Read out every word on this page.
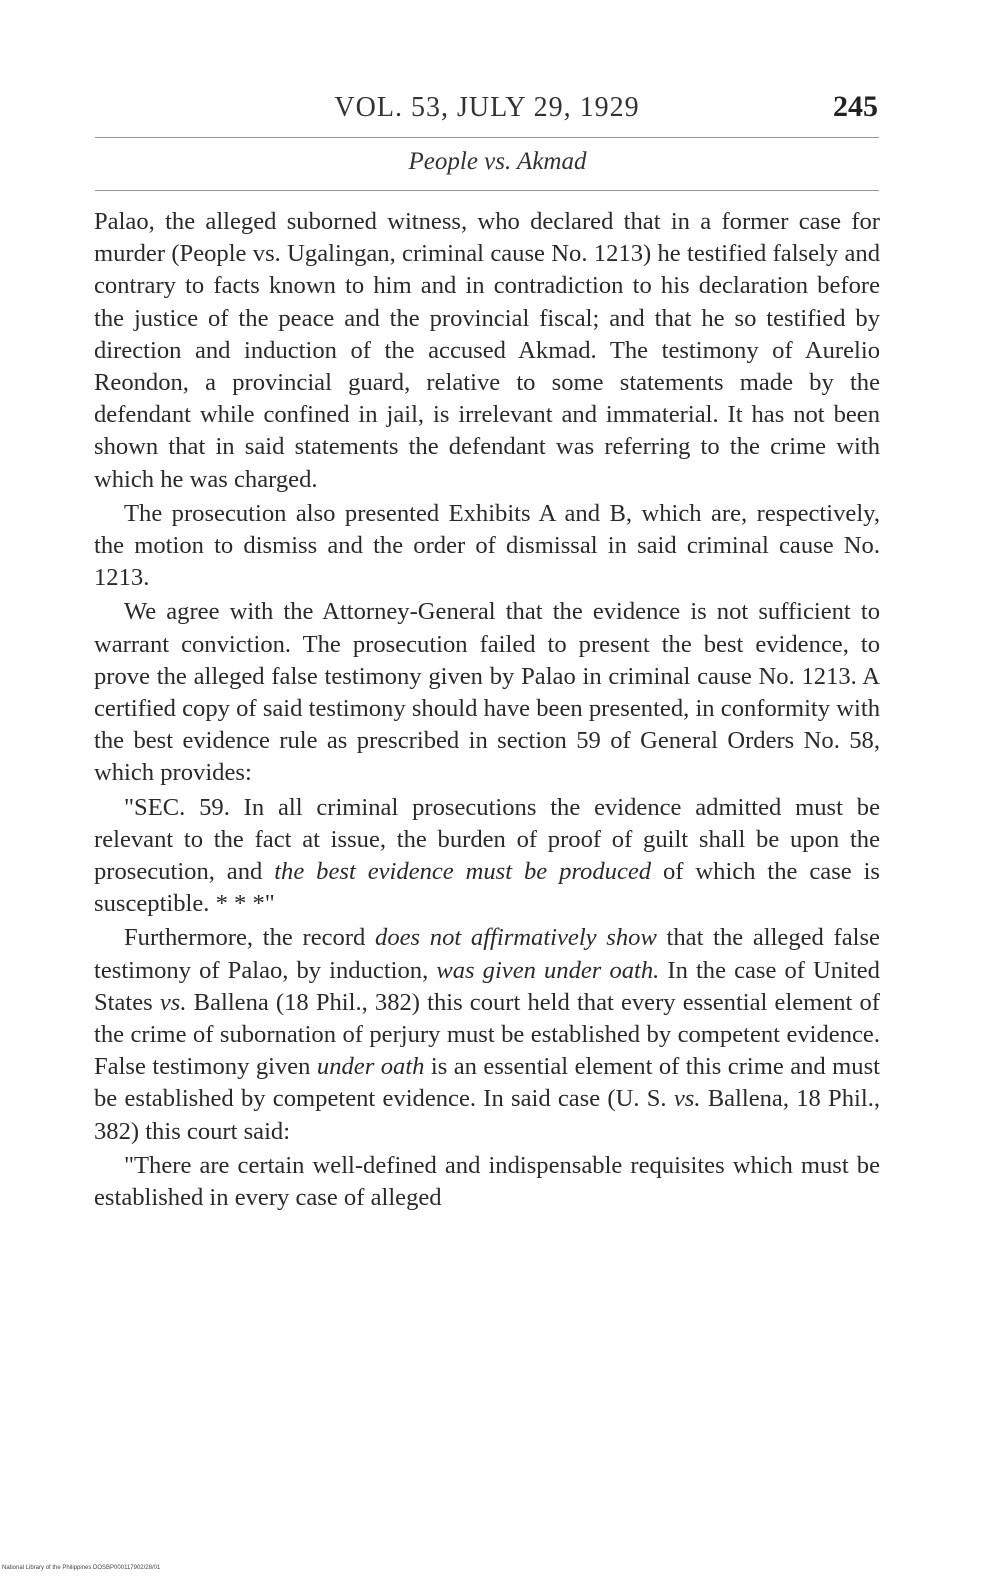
VOL. 53, JULY 29, 1929	245
People vs. Akmad

Palao, the alleged suborned witness, who declared that in a former case for murder (People vs. Ugalingan, criminal cause No. 1213) he testified falsely and contrary to facts known to him and in contradiction to his declaration before the justice of the peace and the provincial fiscal; and that he so testified by direction and induction of the accused Akmad. The testimony of Aurelio Reondon, a provincial guard, relative to some statements made by the defendant while confined in jail, is irrelevant and immaterial. It has not been shown that in said statements the defendant was referring to the crime with which he was charged.

The prosecution also presented Exhibits A and B, which are, respectively, the motion to dismiss and the order of dismissal in said criminal cause No. 1213.

We agree with the Attorney-General that the evidence is not sufficient to warrant conviction. The prosecution failed to present the best evidence, to prove the alleged false testimony given by Palao in criminal cause No. 1213. A certified copy of said testimony should have been presented, in conformity with the best evidence rule as prescribed in section 59 of General Orders No. 58, which provides:

"SEC. 59. In all criminal prosecutions the evidence admitted must be relevant to the fact at issue, the burden of proof of guilt shall be upon the prosecution, and the best evidence must be produced of which the case is susceptible. * * *"

Furthermore, the record does not affirmatively show that the alleged false testimony of Palao, by induction, was given under oath. In the case of United States vs. Ballena (18 Phil., 382) this court held that every essential element of the crime of subornation of perjury must be established by competent evidence. False testimony given under oath is an essential element of this crime and must be established by competent evidence. In said case (U. S. vs. Ballena, 18 Phil., 382) this court said:

"There are certain well-defined and indispensable requisites which must be established in every case of alleged

National Library of the Philippines DOSBP000117902/28/01
